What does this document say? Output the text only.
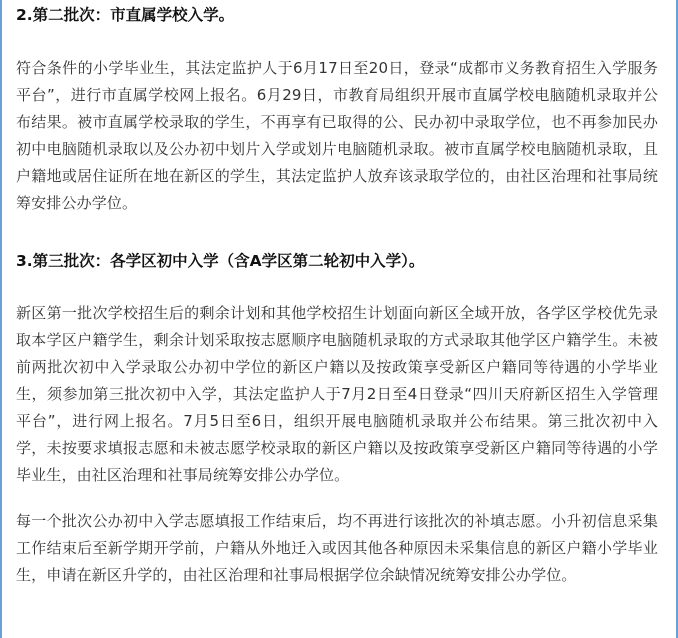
2.第二批次：市直属学校入学。

符合条件的小学毕业生，其法定监护人于6月17日至20日，登录“成都市义务教育招生入学服务平台”，进行市直属学校网上报名。6月29日，市教育局组织开展市直属学校电脑随机录取并公布结果。被市直属学校录取的学生，不再享有已取得的公、民办初中录取学位，也不再参加民办初中电脑随机录取以及公办初中划片入学或划片电脑随机录取。被市直属学校电脑随机录取，且户籍地或居住证所在地在新区的学生，其法定监护人放弃该录取学位的，由社区治理和社事局统筹安排公办学位。

3.第三批次：各学区初中入学（含A学区第二轮初中入学）。

新区第一批次学校招生后的剩余计划和其他学校招生计划面向新区全域开放，各学区学校优先录取本学区户籍学生，剩余计划采取按志愿顺序电脑随机录取的方式录取其他学区户籍学生。未被前两批次初中入学录取公办初中学位的新区户籍以及按政策享受新区户籍同等待遇的小学毕业生，须参加第三批次初中入学，其法定监护人于7月2日至4日登录“四川天府新区招生入学管理平台”，进行网上报名。7月5日至6日，组织开展电脑随机录取并公布结果。第三批次初中入学，未按要求填报志愿和未被志愿学校录取的新区户籍以及按政策享受新区户籍同等待遇的小学毕业生，由社区治理和社事局统筹安排公办学位。

每一个批次公办初中入学志愿填报工作结束后，均不再进行该批次的补填志愿。小升初信息采集工作结束后至新学期开学前，户籍从外地迁入或因其他各种原因未采集信息的新区户籍小学毕业生，申请在新区升学的，由社区治理和社事局根据学位余缺情况统筹安排公办学位。
